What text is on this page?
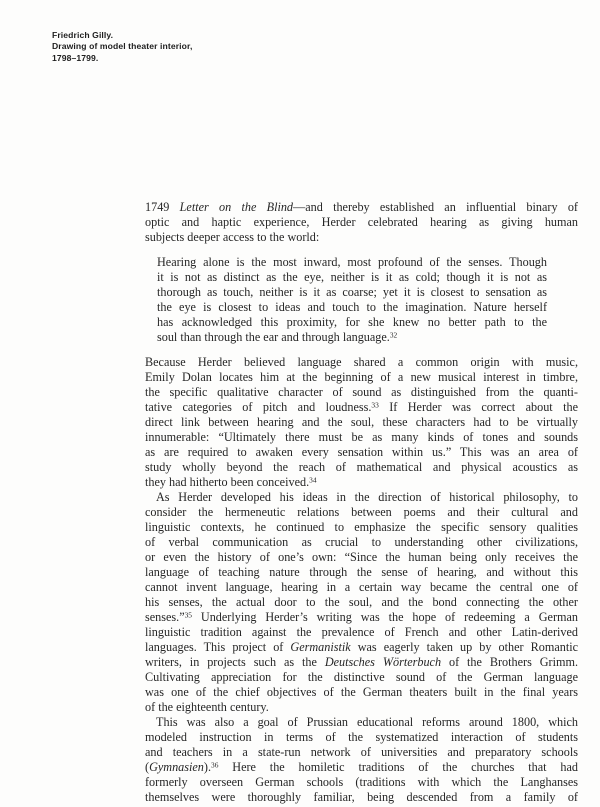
Friedrich Gilly.
Drawing of model theater interior,
1798–1799.
1749 Letter on the Blind—and thereby established an influential binary of
optic and haptic experience, Herder celebrated hearing as giving human
subjects deeper access to the world:
Hearing alone is the most inward, most profound of the senses. Though
it is not as distinct as the eye, neither is it as cold; though it is not as
thorough as touch, neither is it as coarse; yet it is closest to sensation as
the eye is closest to ideas and touch to the imagination. Nature herself
has acknowledged this proximity, for she knew no better path to the
soul than through the ear and through language.$^{32}$
Because Herder believed language shared a common origin with music,
Emily Dolan locates him at the beginning of a new musical interest in timbre,
the specific qualitative character of sound as distinguished from the quanti-
tative categories of pitch and loudness.$^{33}$ If Herder was correct about the
direct link between hearing and the soul, these characters had to be virtually
innumerable: “Ultimately there must be as many kinds of tones and sounds
as are required to awaken every sensation within us.” This was an area of
study wholly beyond the reach of mathematical and physical acoustics as
they had hitherto been conceived.$^{34}$
As Herder developed his ideas in the direction of historical philosophy, to
consider the hermeneutic relations between poems and their cultural and
linguistic contexts, he continued to emphasize the specific sensory qualities
of verbal communication as crucial to understanding other civilizations,
or even the history of one’s own: “Since the human being only receives the
language of teaching nature through the sense of hearing, and without this
cannot invent language, hearing in a certain way became the central one of
his senses, the actual door to the soul, and the bond connecting the other
senses.”$^{35}$ Underlying Herder’s writing was the hope of redeeming a German
linguistic tradition against the prevalence of French and other Latin-derived
languages. This project of Germanistik was eagerly taken up by other Romantic
writers, in projects such as the Deutsches Wörterbuch of the Brothers Grimm.
Cultivating appreciation for the distinctive sound of the German language
was one of the chief objectives of the German theaters built in the final years
of the eighteenth century.
This was also a goal of Prussian educational reforms around 1800, which
modeled instruction in terms of the systematized interaction of students
and teachers in a state-run network of universities and preparatory schools
(Gymnasien).$^{36}$ Here the homiletic traditions of the churches that had
formerly overseen German schools (traditions with which the Langhanses
themselves were thoroughly familiar, being descended from a family of
